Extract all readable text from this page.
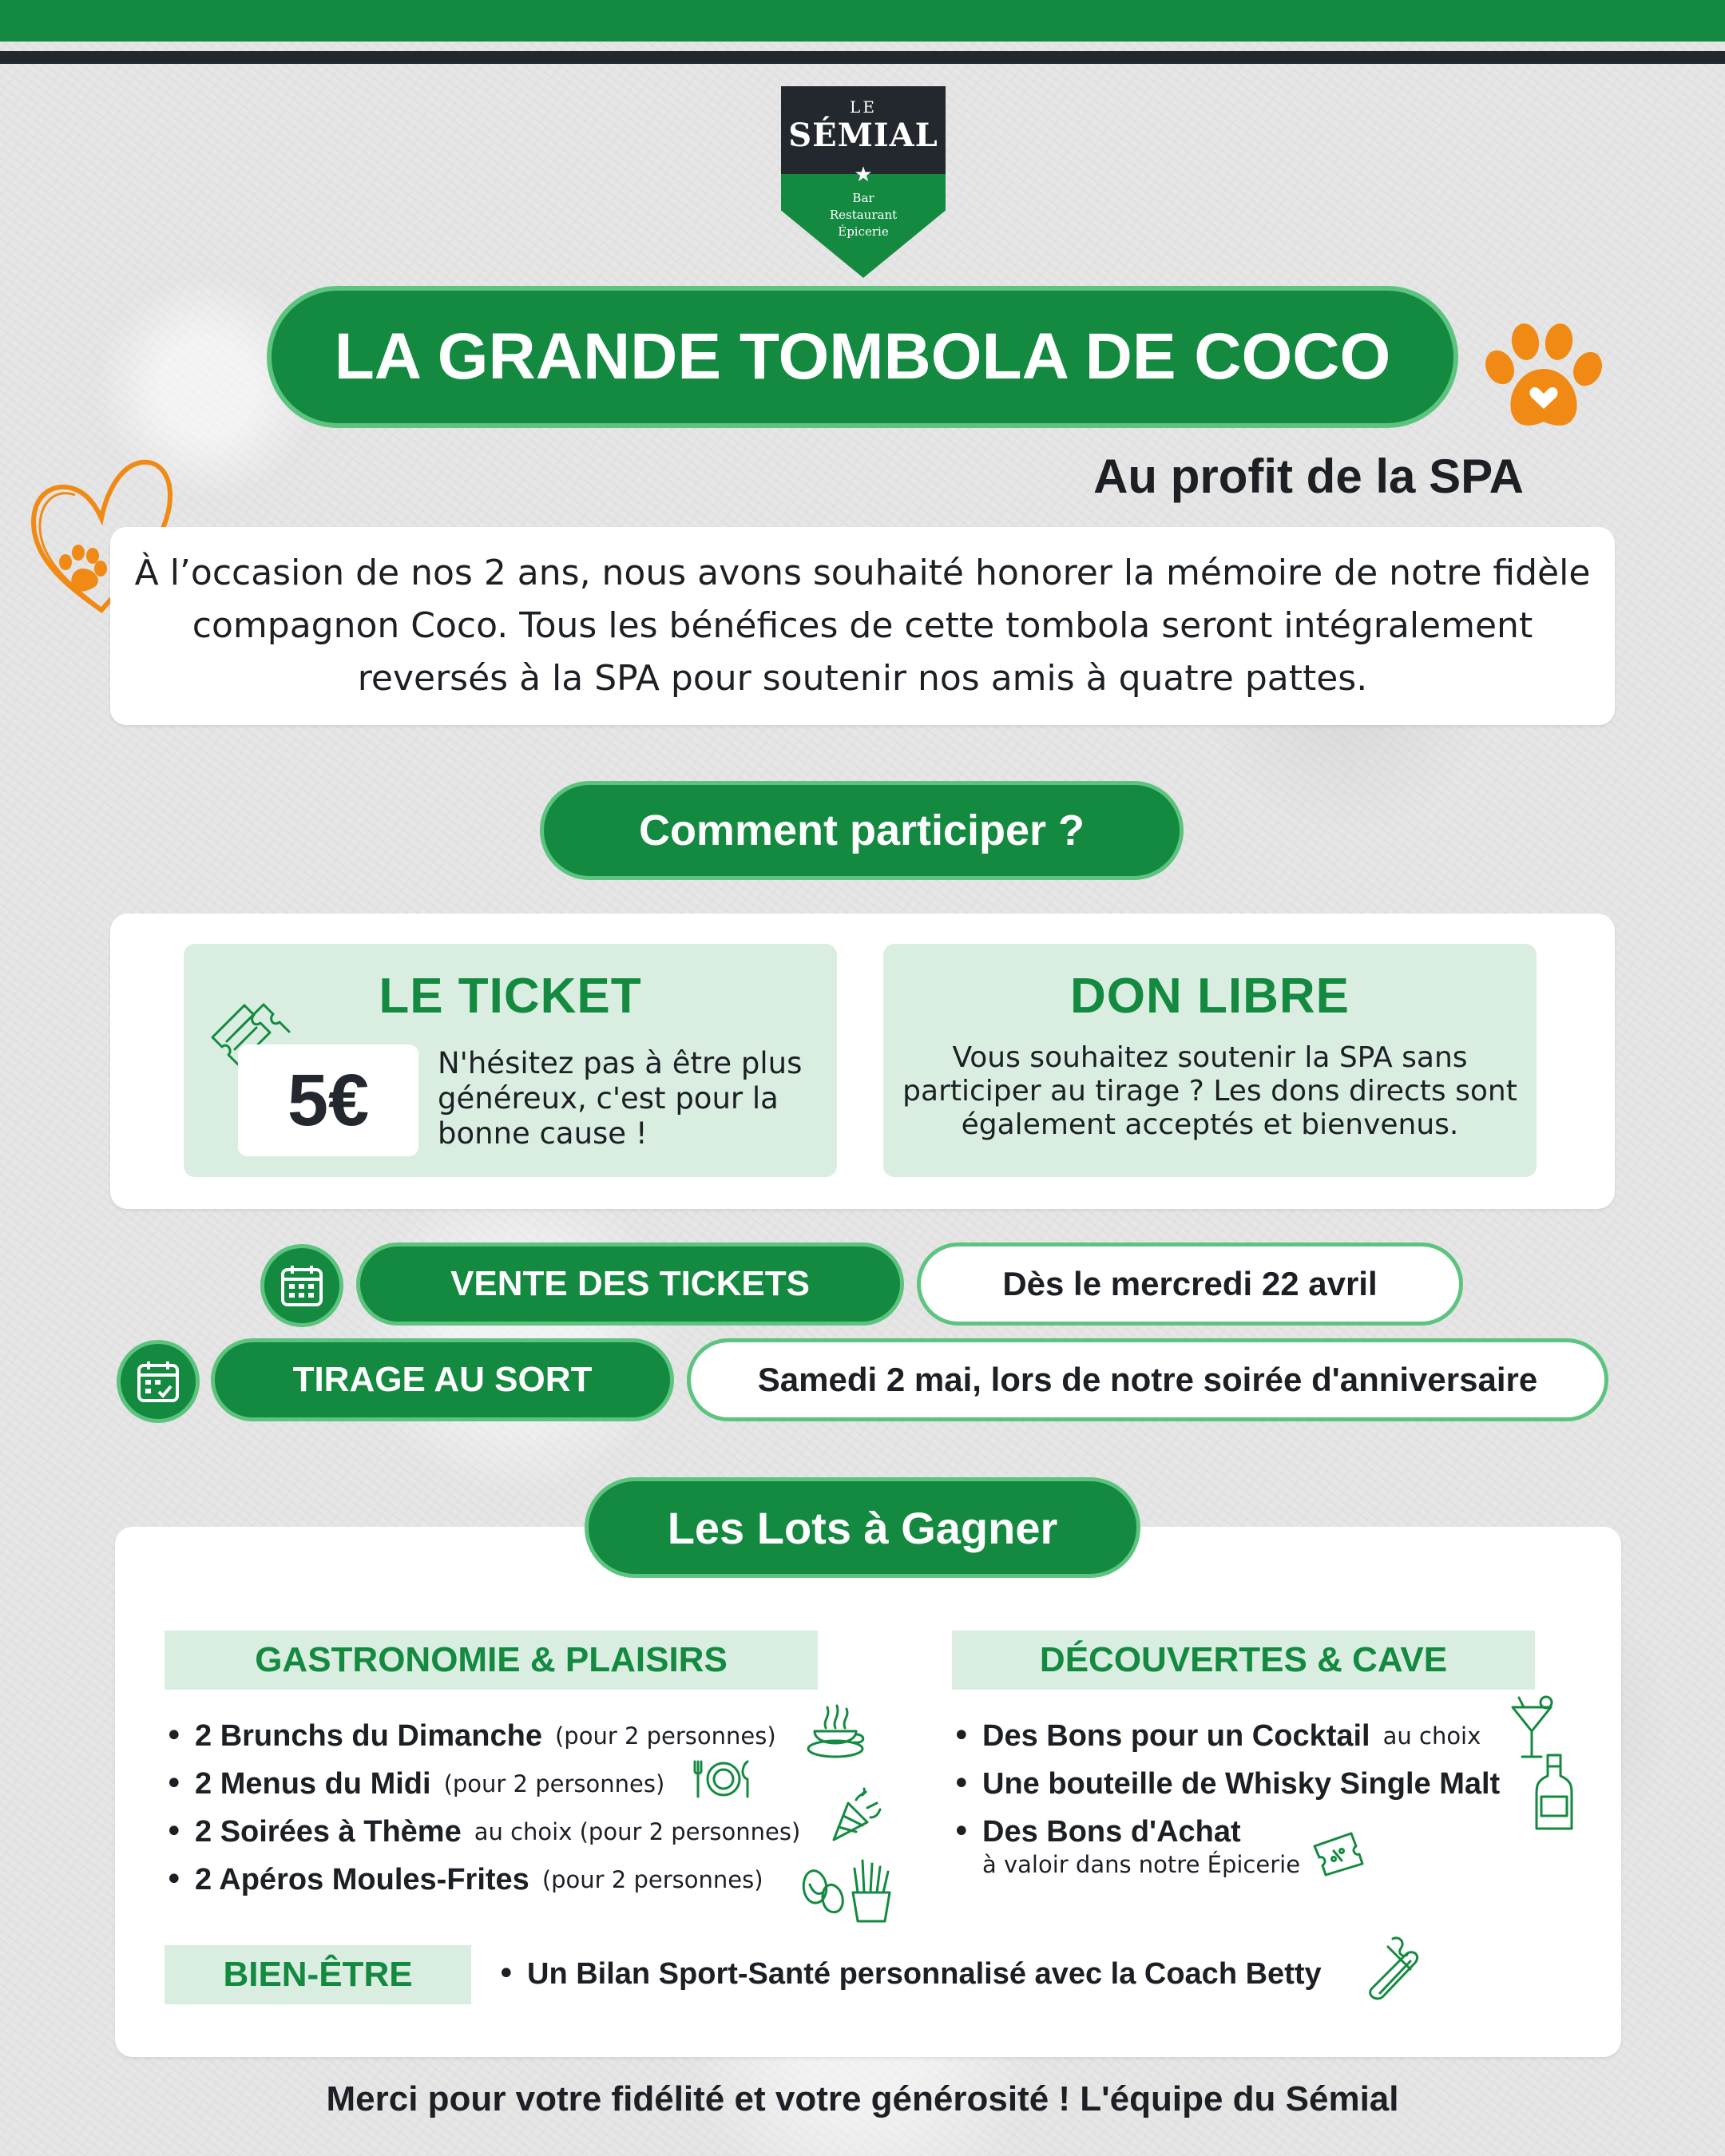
LE
SÉMIAL
★
Bar
Restaurant
Épicerie
LA GRANDE TOMBOLA DE COCO
Au profit de la SPA

À l’occasion de nos 2 ans, nous avons souhaité honorer la mémoire de notre fidèle compagnon Coco. Tous les bénéfices de cette tombola seront intégralement reversés à la SPA pour soutenir nos amis à quatre pattes.

Comment participer ?
LE TICKET
5€	N'hésitez pas à être plus généreux, c'est pour la bonne cause !
DON LIBRE
Vous souhaitez soutenir la SPA sans participer au tirage ? Les dons directs sont également acceptés et bienvenus.
VENTE DES TICKETS	Dès le mercredi 22 avril
TIRAGE AU SORT	Samedi 2 mai, lors de notre soirée d'anniversaire
Les Lots à Gagner
GASTRONOMIE & PLAISIRS	DÉCOUVERTES & CAVE
• 2 Brunchs du Dimanche (pour 2 personnes)
• 2 Menus du Midi (pour 2 personnes)
• 2 Soirées à Thème au choix (pour 2 personnes)
• 2 Apéros Moules-Frites (pour 2 personnes)
• Des Bons pour un Cocktail au choix
• Une bouteille de Whisky Single Malt
• Des Bons d'Achat
à valoir dans notre Épicerie
BIEN-ÊTRE
•	Un Bilan Sport-Santé personnalisé avec la Coach Betty
Merci pour votre fidélité et votre générosité ! L'équipe du Sémial
